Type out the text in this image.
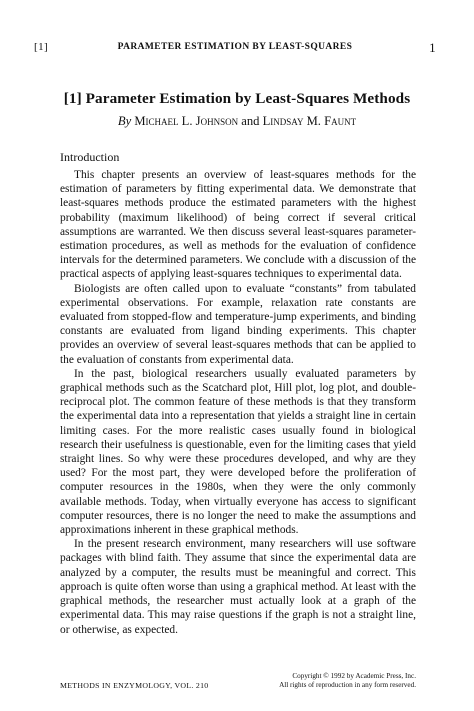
[1]	PARAMETER ESTIMATION BY LEAST-SQUARES	1
[1] Parameter Estimation by Least-Squares Methods
By Michael L. Johnson and Lindsay M. Faunt
Introduction

This chapter presents an overview of least-squares methods for the estimation of parameters by fitting experimental data. We demonstrate that least-squares methods produce the estimated parameters with the highest probability (maximum likelihood) of being correct if several critical assumptions are warranted. We then discuss several least-squares parameter-estimation procedures, as well as methods for the evaluation of confidence intervals for the determined parameters. We conclude with a discussion of the practical aspects of applying least-squares techniques to experimental data.

Biologists are often called upon to evaluate “constants” from tabulated experimental observations. For example, relaxation rate constants are evaluated from stopped-flow and temperature-jump experiments, and binding constants are evaluated from ligand binding experiments. This chapter provides an overview of several least-squares methods that can be applied to the evaluation of constants from experimental data.

In the past, biological researchers usually evaluated parameters by graphical methods such as the Scatchard plot, Hill plot, log plot, and double-reciprocal plot. The common feature of these methods is that they transform the experimental data into a representation that yields a straight line in certain limiting cases. For the more realistic cases usually found in biological research their usefulness is questionable, even for the limiting cases that yield straight lines. So why were these procedures developed, and why are they used? For the most part, they were developed before the proliferation of computer resources in the 1980s, when they were the only commonly available methods. Today, when virtually everyone has access to significant computer resources, there is no longer the need to make the assumptions and approximations inherent in these graphical methods.

In the present research environment, many researchers will use software packages with blind faith. They assume that since the experimental data are analyzed by a computer, the results must be meaningful and correct. This approach is quite often worse than using a graphical method. At least with the graphical methods, the researcher must actually look at a graph of the experimental data. This may raise questions if the graph is not a straight line, or otherwise, as expected.

METHODS IN ENZYMOLOGY, VOL. 210
Copyright © 1992 by Academic Press, Inc.
All rights of reproduction in any form reserved.
